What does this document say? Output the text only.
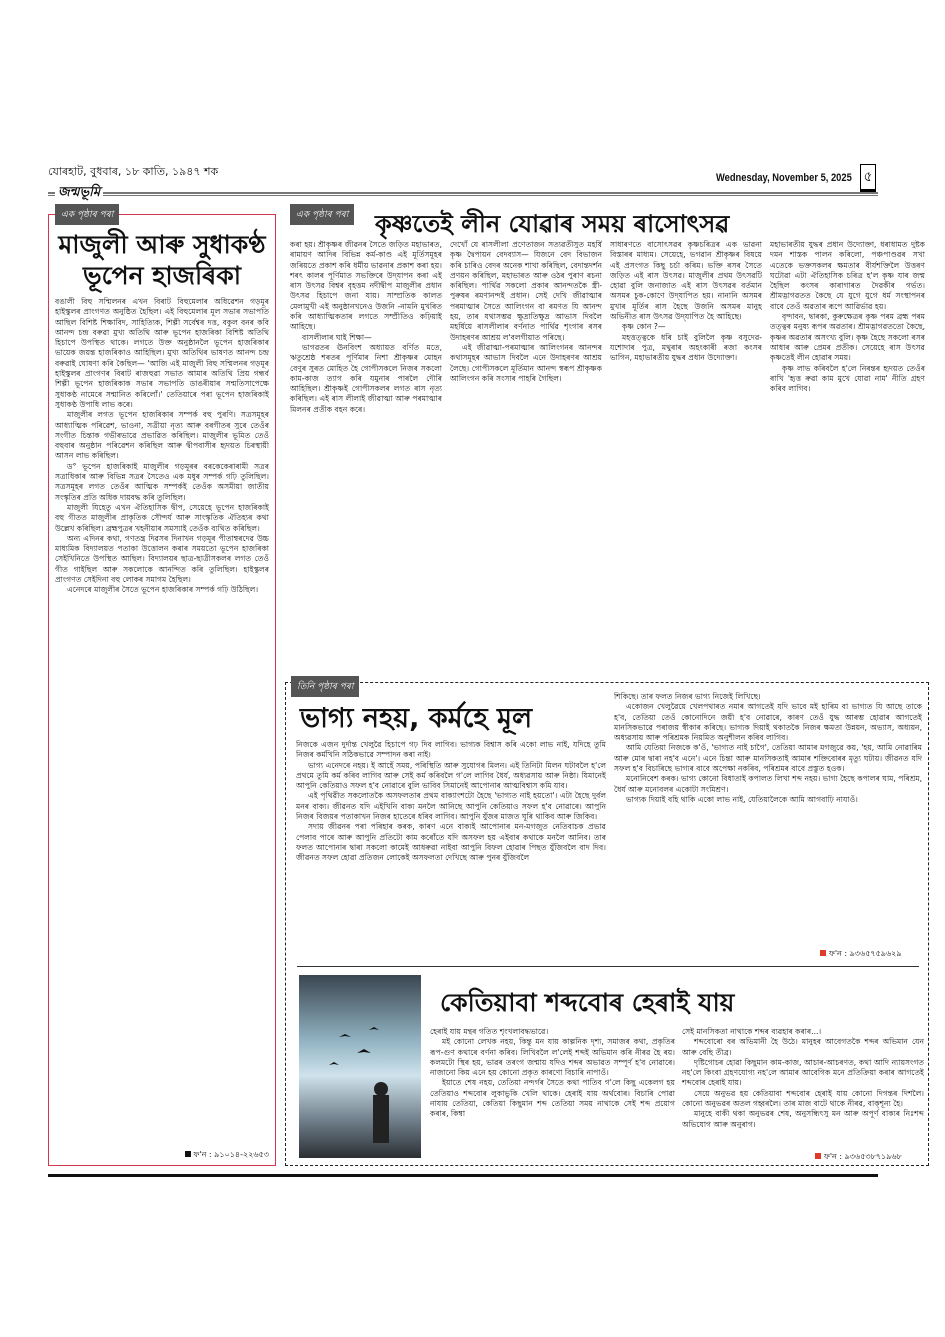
যোৰহাট, বুধবাৰ, ১৮ কাতি, ১৯৪৭ শক	Wednesday, November 5, 2025 ৫
জন্মভূমি
মাজুলী আৰু সুধাকণ্ঠ
ভূপেন হাজৰিকা

বঙালী বিহু সন্মিলনৰ এখন বিৰাট বিহুমেলাৰ অধিৱেশন গড়মূৰ হাইস্কুলৰ প্ৰাংগণত অনুষ্ঠিত হৈছিল। এই বিহুমেলাৰ মূল সভাৰ সভাপতি আছিল বিশিষ্ট শিক্ষাবিদ, সাহিত্যিক, শিল্পী সৰ্বেশ্বৰ দত্ত, বকুল বনৰ কবি আনন্দ চন্দ্ৰ বৰুৱা মুখ্য অতিথি আৰু ভূপেন হাজৰিকা বিশিষ্ট অতিথি হিচাপে উপস্থিত থাকে। লগতে উক্ত অনুষ্ঠানলৈ ভূপেন হাজৰিকাৰ ভায়েক জয়ন্ত হাজৰিকাও আহিছিল। মুখ্য অতিথিৰ ভাষণত আনন্দ চন্দ্ৰ বৰুৱাই ঘোষণা কৰি কৈছিল— 'আজি এই মাজুলী বিহু সন্মিলনৰ গড়মূৰ হাইস্কুলৰ প্ৰাংগণৰ বিৰাট ৰাজহুৱা সভাত আমাৰ অতিথি প্ৰিয় গন্ধৰ্ব শিল্পী ভূপেন হাজৰিকাক সভাৰ সভাপতি ডাঙৰীয়াৰ সন্মতিসাপেক্ষে সুধাকণ্ঠ নামেৰে সন্মানিত কৰিলোঁ।' তেতিয়াৰে পৰা ভূপেন হাজৰিকাই সুধাকণ্ঠ উপাধি লাভ কৰে।

মাজুলীৰ লগত ভূপেন হাজৰিকাৰ সম্পৰ্ক বহু পুৰণি। সত্ৰসমূহৰ আধ্যাত্মিক পৰিৱেশ, ভাওনা, সত্ৰীয়া নৃত্য আৰু বৰগীতৰ সুৰে তেওঁৰ সংগীত চিন্তাক গভীৰভাৱে প্ৰভাৱিত কৰিছিল। মাজুলীৰ ভূমিত তেওঁ বহুবাৰ অনুষ্ঠান পৰিৱেশন কৰিছিল আৰু দ্বীপবাসীৰ হৃদয়ত চিৰস্থায়ী আসন লাভ কৰিছিল।

ড° ভূপেন হাজৰিকাই মাজুলীৰ গড়মূৰৰ বৰকেকেৰাৰামী সত্ৰৰ সত্ৰাধিকাৰ আৰু বিভিন্ন সত্ৰৰ সৈতেও এক মধুৰ সম্পৰ্ক গঢ়ি তুলিছিল। সত্ৰসমূহৰ লগত তেওঁৰ আত্মিক সম্পৰ্কই তেওঁক অসমীয়া জাতীয় সংস্কৃতিৰ প্ৰতি অধিক দায়বদ্ধ কৰি তুলিছিল।

মাজুলী যিহেতু এখন ঐতিহাসিক দ্বীপ, সেয়েহে ভূপেন হাজৰিকাই বহু গীতত মাজুলীৰ প্ৰাকৃতিক সৌন্দৰ্য আৰু সাংস্কৃতিক ঐতিহ্যৰ কথা উল্লেখ কৰিছিল। ব্ৰহ্মপুত্ৰৰ খহনীয়াৰ সমস্যাই তেওঁক ব্যথিত কৰিছিল।

অন্য এদিনৰ কথা, গণতন্ত্ৰ দিৱসৰ দিনাখন গড়মূৰ পীতাম্বৰদেৱ উচ্চ মাধ্যমিক বিদ্যালয়ত পতাকা উত্তোলন কৰাৰ সময়তো ভূপেন হাজৰিকা সেইখিনিতে উপস্থিত আছিল। বিদ্যালয়ৰ ছাত্ৰ-ছাত্ৰীসকলৰ লগত তেওঁ গীত গাইছিল আৰু সকলোকে আনন্দিত কৰি তুলিছিল। হাইস্কুলৰ প্ৰাংগণত সেইদিনা বহু লোকৰ সমাগম হৈছিল।

এনেদৰে মাজুলীৰ সৈতে ভূপেন হাজৰিকাৰ সম্পৰ্ক গঢ়ি উঠিছিল।

ফ'ন : ৯১০১৪-২২৬৫৩
এক পৃষ্ঠাৰ পৰা	এক পৃষ্ঠাৰ পৰা কৃষ্ণতেই লীন যোৱাৰ সময় ৰাসোৎসৱ

কৰা হয়। শ্ৰীকৃষ্ণৰ জীৱনৰ সৈতে জড়িত মহাভাৰত, ৰামায়ণ আদিৰ বিভিন্ন কৰ্ম-কাণ্ড এই মূৰ্তিসমূহৰ জৰিয়তে প্ৰকাশ কৰি ধৰ্মীয় ভাৱনাৰ প্ৰকাশ কৰা হয়। শৰৎ কালৰ পূৰ্ণিমাত সভক্তিৰে উদ্‌যাপন কৰা এই ৰাস উৎসৱ বিশ্বৰ বৃহত্তম নদীদ্বীপ মাজুলীৰ প্ৰধান উৎসৱ হিচাপে জনা যায়। সাম্প্ৰতিক কালত মেলামুখী এই অনুষ্ঠানখনেও উজনি -নামনি মুখৰিত কৰি আধ্যাত্মিকতাৰ লগতে সম্প্ৰীতিও কঢ়িয়াই আহিছে।

বাসলীলাৰ ঘাই শিক্ষা—

ভাগৱতৰ ঊনবিংশ অধ্যায়ত বৰ্ণিত মতে, ঋতুশ্ৰেষ্ঠ শৰতৰ পূৰ্ণিমাৰ নিশা শ্ৰীকৃষ্ণৰ মোহন বেণুৰ সুৰত মোহিত হৈ গোপীসকলে নিজৰ সকলো কাম-কাজ ত্যাগ কৰি যমুনাৰ পাৰলৈ দৌৰি আহিছিল। শ্ৰীকৃষ্ণই গোপীসকলৰ লগত ৰাস নৃত্য কৰিছিল। এই ৰাস লীলাই জীৱাত্মা আৰু পৰমাত্মাৰ মিলনৰ প্ৰতীক বহন কৰে।

দেখোঁ যে ৰাসলীলা প্ৰণেতাজন সত্যৱতীসুত মহৰ্ষি কৃষ্ণ দ্বৈপায়ন বেদব্যাস— যিজনে বেদ বিভাজন কৰি চাৰিও বেদৰ অনেক শাখা কৰিছিল, বেদান্তদৰ্শন প্ৰণয়ন কৰিছিল, মহাভাৰত আৰু ওঠৰ পুৰাণ ৰচনা কৰিছিল। পাৰ্থিৱ সকলো প্ৰকাৰ আনন্দতকৈ স্ত্ৰী-পুৰুষৰ ৰমণানন্দই প্ৰধান। সেই দেখি জীৱাত্মাৰ পৰমাত্মাৰ সৈতে আলিংগন বা ৰমণত যি আনন্দ হয়, তাৰ যথাসম্ভৱ ক্ষুদ্ৰাতিক্ষুদ্ৰ আভাস দিবলৈ মহৰ্ষিয়ে ৰাসলীলাৰ বৰ্ণনাত পাৰ্থিৱ শৃংগাৰ ৰসৰ উদাহৰণৰ আশ্ৰয় ল'বলগীয়াত পৰিছে।

এই জীৱাত্মা-পৰমাত্মাৰ আলিংগনৰ আনন্দৰ কথাসমূহৰ আভাস দিবলৈ এনে উদাহৰণৰ আশ্ৰয় লৈছে। গোপীসকলে মূৰ্তিমান আনন্দ স্বৰূপ শ্ৰীকৃষ্ণক আলিংগন কৰি সংসাৰ পাহৰি গৈছিল।

সাধাৰণতে বাসোৎসৱৰ কৃষ্ণচৰিত্ৰৰ এক ভাৱনা বিস্তাৰৰ মাধ্যম। সেয়েহে, ভগৱান শ্ৰীকৃষ্ণৰ বিষয়ে এই প্ৰসংগত কিছু চৰ্চা কৰিম। ভক্তি ৰসৰ সৈতে জড়িত এই ৰাস উৎসৱ। মাজুলীৰ প্ৰথম উৎসৱটি হোৱা বুলি জনাজাত এই ৰাস উৎসৱৰ বৰ্তমান অসমৰ চুক-কোণে উদ্‌যাপিত হয়। নানানি অসমৰ মুখাৰ মূৰ্তিৰ ৰাস হৈছে উজনি অসমৰ মানুহ অভিনীত ৰাস উৎসৱ উদ্‌যাপিত হৈ আহিছে।

কৃষ্ণ কোন ?—

মহত্তত্ত্বকে ধৰি চাই বুলিলৈ কৃষ্ণ বসুদেৱ-যশোদাৰ পুত্ৰ, মথুৰাৰ অহংকাৰী ৰজা কংসৰ ভাগিন, মহাভাৰতীয় যুদ্ধৰ প্ৰধান উদ্যোক্তা।

মহাভাৰতীয় যুদ্ধৰ প্ৰধান উদ্যোক্তা, ধৰাধামত দুষ্টক দমন শাস্তক পালন কৰিলো, পঞ্চপাণ্ডৱৰ সখা এতেকে ভক্তসকলৰ ক্ষমতাৰ বীৰ্যশক্তিলৈ উত্তৰণ ঘটোৱা এটা ঐতিহাসিক চৰিত্ৰ হ'ল কৃষ্ণ যাৰ জন্ম হৈছিল কংসৰ কাৰাগাৰত দৈৱকীৰ গৰ্ভত। শ্ৰীমদ্ভাগৱতত কৈছে যে যুগে যুগে ধৰ্ম সংস্থাপনৰ বাবে তেওঁ অৱতাৰ ৰূপে আৱিৰ্ভাৱ হয়।

বৃন্দাবন, দ্বাৰকা, কুৰুক্ষেত্ৰৰ কৃষ্ণ পৰম ব্ৰহ্ম পৰম তত্ত্বৰ মনুষ্য ৰূপৰ অৱতাৰ। শ্ৰীমদ্ভাগৱততো কৈছে, কৃষ্ণৰ অৱতাৰ অসংখ্য বুলি। কৃষ্ণ হৈছে সকলো ৰসৰ আধাৰ আৰু প্ৰেমৰ প্ৰতীক। সেয়েহে ৰাস উৎসৱ কৃষ্ণতেই লীন হোৱাৰ সময়।

কৃষ্ণ লাভ কৰিবলৈ হ'লে নিৰন্তৰ হৃদয়ত তেওঁৰ ৰাখি 'হৃত্ত ৰুৱা কাম মুখে যোৱা নাম' নীতি গ্ৰহণ কৰিব লাগিব।

তিনি পৃষ্ঠাৰ পৰা
ভাগ্য নহয়, কৰ্মহে মূল

নিজকে এজন দুৰ্দান্ত খেলুৱৈ হিচাপে গঢ় দিব লাগিব। ভাগ্যক বিশ্বাস কৰি একো লাভ নাই, যদিহে তুমি নিজৰ কৰ্মখিনি সঠিকভাৱে সম্পাদন কৰা নাই।

ভাগ্য এনেদৰে নহয়। ই আহেঁ সময়, পৰিস্থিতি আৰু সুযোগৰ মিলন। এই তিনিটা মিলন ঘটাবলৈ হ'লে প্ৰথমে তুমি কৰ্ম কৰিব লাগিব আৰু সেই কৰ্ম কৰিবলৈ গ'লে লাগিব ধৈৰ্য, অধ্যৱসায় আৰু নিষ্ঠা। যিমানেই আপুনি কেতিয়াও সফল হ'ব নোৱাৰে বুলি ভাবিব সিমানেই আপোনাৰ আত্মবিশ্বাস কমি যাব।

এই পৃথিৱীত সকলোতকৈ অসফলতাৰ প্ৰথম বাক্যাংশটো হৈছে 'ভাগ্যত নাই হয়তো'। এটা হৈছে দুৰ্বল মনৰ বাক্য। জীৱনত যদি এইখিনি বাক্য মনলৈ আনিছে আপুনি কেতিয়াও সফল হ'ব নোৱাৰে। আপুনি নিজৰ বিজয়ৰ পতাকাখন নিজৰ হাতেৰে ধৰিব লাগিব। আপুনি যুঁজৰ মাজত ঘূৰি থাকিব আৰু জিকিব।

সদায় জীৱনৰ পৰা পৰিহাৰ কৰক, কাৰণ এনে বাক্যই আপোনাৰ মন-মগজুত নেতিবাচক প্ৰভাৱ পেলাব পাৰে আৰু আপুনি প্ৰতিটো কাম কৰোঁতে যদি অসফল হয় এইবাৰ কথাকে মনলৈ আনিব। তাৰ ফলত আপোনাৰ দ্বাৰা সকলো কামেই আধৰুৱা নাইবা আপুনি বিফল হোৱাৰ পিছত যুঁজিবলৈ বাদ দিব। জীৱনত সফল হোৱা প্ৰতিজন লোকেই অসফলতা দেখিছে আৰু পুনৰ যুঁজিবলৈ

শিকিছে। তাৰ ফলত নিজৰ ভাগ্য নিজেই লিখিছে।

একোজন খেলুৱৈয়ে খেলপথাৰত নমাৰ আগতেই যদি ভাবে মই হাৰিম বা ভাগ্যত যি আছে তাকে হ'ব, তেতিয়া তেওঁ কোনোদিনে জয়ী হ'ব নোৱাৰে, কাৰণ তেওঁ যুদ্ধ আৰম্ভ হোৱাৰ আগতেই মানসিকভাৱে পৰাজয় স্বীকাৰ কৰিছে। ভাগ্যক দিয়াই থকাতকৈ নিজৰ ক্ষমতা উন্নয়ন, অভ্যাস, অধ্যয়ন, অধ্যৱসায় আৰু পৰিশ্ৰমক নিয়মিত অনুশীলন কৰিব লাগিব।

আমি যেতিয়া নিজকে ক'ওঁ, 'ভাগ্যত নাই চাগৈ', তেতিয়া আমাৰ মগজুৱে কয়, 'হয়, আমি নোৱাৰিম আৰু মোৰ দ্বাৰা নহ'ব এনে'। এনে চিন্তা আৰু মানসিকতাই আমাৰ শক্তিবোৰৰ মৃত্যু ঘটায়। জীৱনত যদি সফল হ'ব বিচাৰিছে ভাগ্যৰ বাবে অপেক্ষা নকৰিব, পৰিশ্ৰমৰ বাবে প্ৰস্তুত হওক।

মনোনিবেশ কৰক। ভাগ্য কোনো বিধাতাই কপালত লিখা শব্দ নহয়। ভাগ্য হৈছে কপালৰ ঘাম, পৰিশ্ৰম, ধৈৰ্য আৰু মনোবলৰ একোটা সংমিশ্ৰণ।

ভাগ্যক দিয়াই বহি থাকি একো লাভ নাই, যেতিয়ালৈকে আমি আগবাঢ়ি নাযাওঁ।

ফ'ন : ৯৩৬৫৭৫৯৬২৯
কেতিয়াবা শব্দবোৰ হেৰাই যায়

হেৰাই যায় মন্থৰ গতিত শৃংখলাবদ্ধভাৱে।

মই কোনো লেখক নহয়, কিন্তু মন যায় কাল্পনিক দৃশ্য, সমাজৰ কথা, প্ৰকৃতিৰ ৰূপ-গুণ কথাৰে বৰ্ণনা কৰিব। লিখিবলৈ ল'লেই শব্দই অভিমান কৰি নীৰৱ হৈ ৰয়। কলমটো স্থিৰ হয়, ভাৱৰ তৰংগ জন্মায় যদিও শব্দৰ অভাৱত সম্পূৰ্ণ হ'ব নোৱাৰে। নাজানো কিয় এনে হয় কোনো প্ৰকৃত কাৰণো বিচাৰি নাপাওঁ।

ইয়াতে শেষ নহয়, তেতিয়া নন্দৰ্গৰ সৈতে কথা পাতিব গ'লে কিছু একেলগ হয় তেতিয়াও শব্দবোৰ লুকাভুকি খেলি থাকে। হেৰাই যায় অৰ্থবোৰ। বিচাৰি পোৱা নাযায় তেতিয়া, কেতিয়া কিছুমান শব্দ তেতিয়া সময় নাথাকে সেই শব্দ প্ৰয়োগ কৰাৰ, কিম্বা

সেই মানসিকতা নাথাকে শব্দৰ ব্যৱহাৰ কৰাৰ...।

শব্দবোৰো বৰ অভিমানী হৈ উঠে। মানুহৰ আবেগতকৈ শব্দৰ অভিমান যেন আৰু বেছি তীব্ৰ।

দৃষ্টিগোচৰ হোৱা কিছুমান কাম-কাজ, আচাৰ-আচৰণত, কথা আদি ন্যায়সংগত নহ'লে কিংবা গ্ৰহণযোগ্য নহ'লে আমাৰ আবেগিক মনে প্ৰতিক্ৰিয়া কৰাৰ আগতেই শব্দবোৰ হেৰাই যায়।

সেয়ে অনুভৱ হয় কেতিয়াবা শব্দবোৰ হেৰাই যায় কোনো দিগন্তৰ দিশলৈ। কোনো অনুভৱৰ অতল গহ্বৰলৈ। তাৰ মাজ বাটে থাকে নীৰৱ, বাক্‌শূন্য হৈ।

মানুহে বাকী থকা অনুভৱৰ শেষ, অনুসন্ধিৎসু মন আৰু অপূৰ্ণ বাক্যৰ নিঃশব্দ অভিযোগ আৰু অনুৰাগ।

ফ'ন : ৯৩৬৫৩৮৭১৯৬৮
